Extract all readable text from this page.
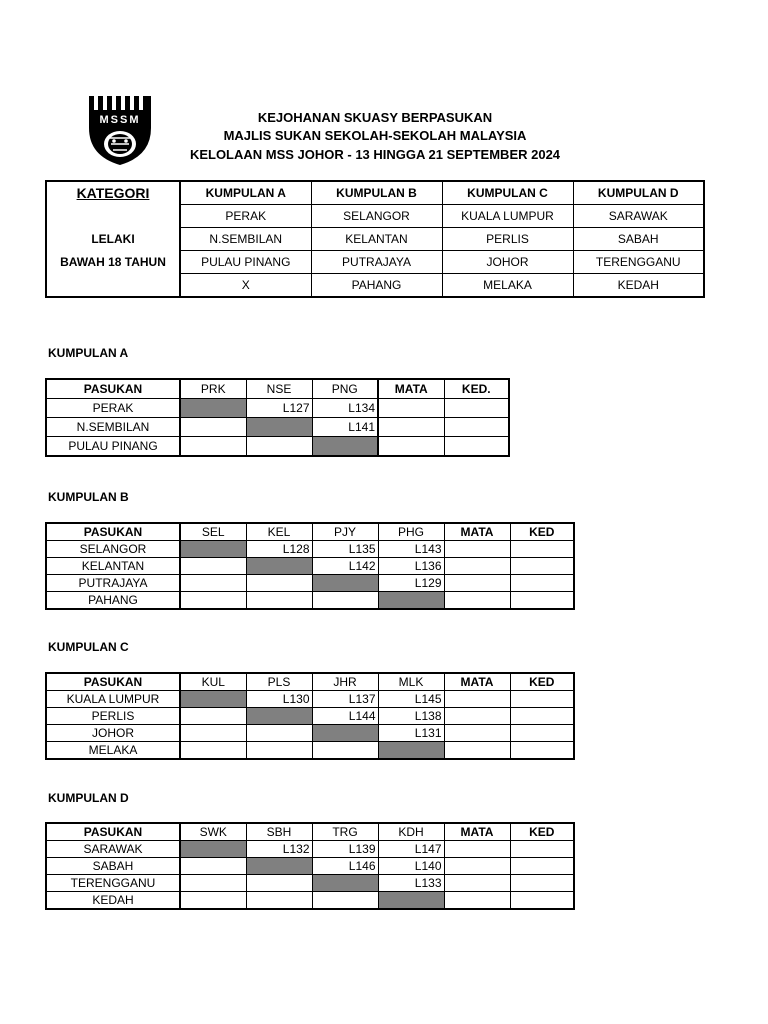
MSSM	KEJOHANAN SKUASY BERPASUKAN
MAJLIS SUKAN SEKOLAH-SEKOLAH MALAYSIA
KELOLAAN MSS JOHOR - 13 HINGGA 21 SEPTEMBER 2024
KATEGORI	KUMPULAN A	KUMPULAN B	KUMPULAN C	KUMPULAN D
	PERAK	SELANGOR	KUALA LUMPUR	SARAWAK
LELAKI	N.SEMBILAN	KELANTAN	PERLIS	SABAH
BAWAH 18 TAHUN	PULAU PINANG	PUTRAJAYA	JOHOR	TERENGGANU
	X	PAHANG	MELAKA	KEDAH
KUMPULAN A
PASUKAN	PRK	NSE	PNG	MATA	KED.
PERAK		L127	L134		
N.SEMBILAN			L141		
PULAU PINANG					
KUMPULAN B
PASUKAN	SEL	KEL	PJY	PHG	MATA	KED
SELANGOR		L128	L135	L143		
KELANTAN			L142	L136		
PUTRAJAYA				L129		
PAHANG						
KUMPULAN C
PASUKAN	KUL	PLS	JHR	MLK	MATA	KED
KUALA LUMPUR		L130	L137	L145		
PERLIS			L144	L138		
JOHOR				L131		
MELAKA						
KUMPULAN D
PASUKAN	SWK	SBH	TRG	KDH	MATA	KED
SARAWAK		L132	L139	L147		
SABAH			L146	L140		
TERENGGANU				L133		
KEDAH						
